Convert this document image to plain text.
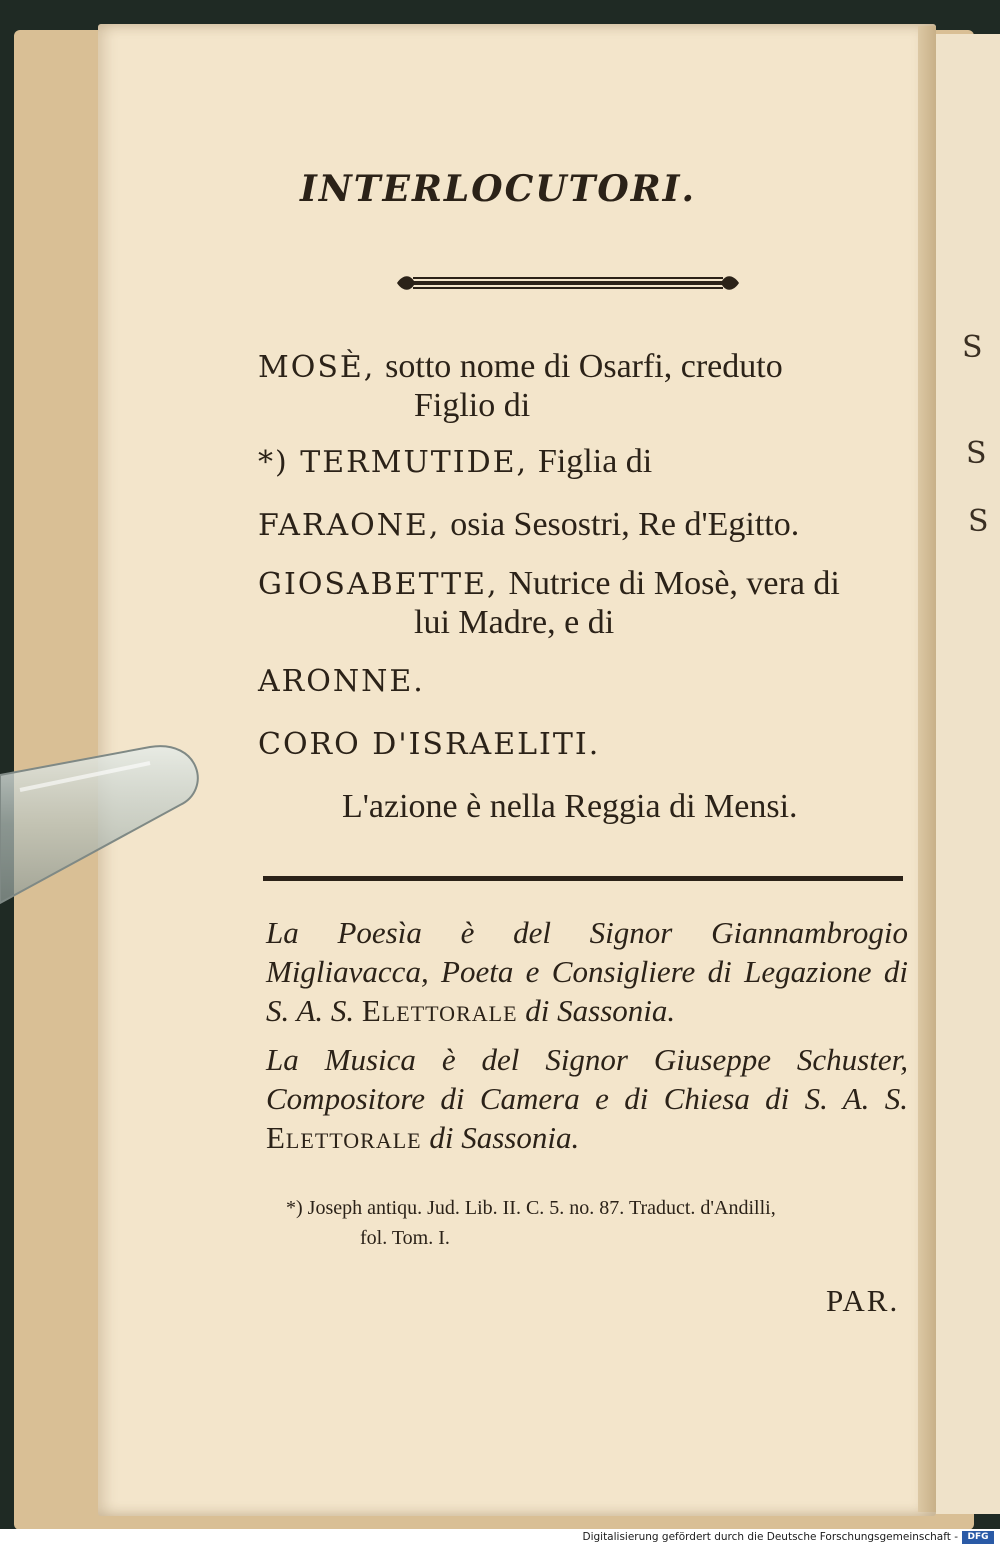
S
S
S
INTERLOCUTORI.
MOSÈ, sotto nome di Osarfi, creduto
Figlio di
*) TERMUTIDE, Figlia di
FARAONE, osia Sesostri, Re d'Egitto.
GIOSABETTE, Nutrice di Mosè, vera di
lui Madre, e di
ARONNE.
CORO D'ISRAELITI.
L'azione è nella Reggia di Mensi.

La Poesìa è del Signor Giannambrogio Migliavacca, Poeta e Consigliere di Legazione di S. A. S. Elettorale di Sassonia.

La Musica è del Signor Giuseppe Schuster, Compositore di Camera e di Chiesa di S. A. S. Elettorale di Sassonia.

*) Joseph antiqu. Jud. Lib. II. C. 5. no. 87. Traduct. d'Andilli,
fol. Tom. I.

PAR.
Digitalisierung gefördert durch die Deutsche Forschungsgemeinschaft -	DFG
